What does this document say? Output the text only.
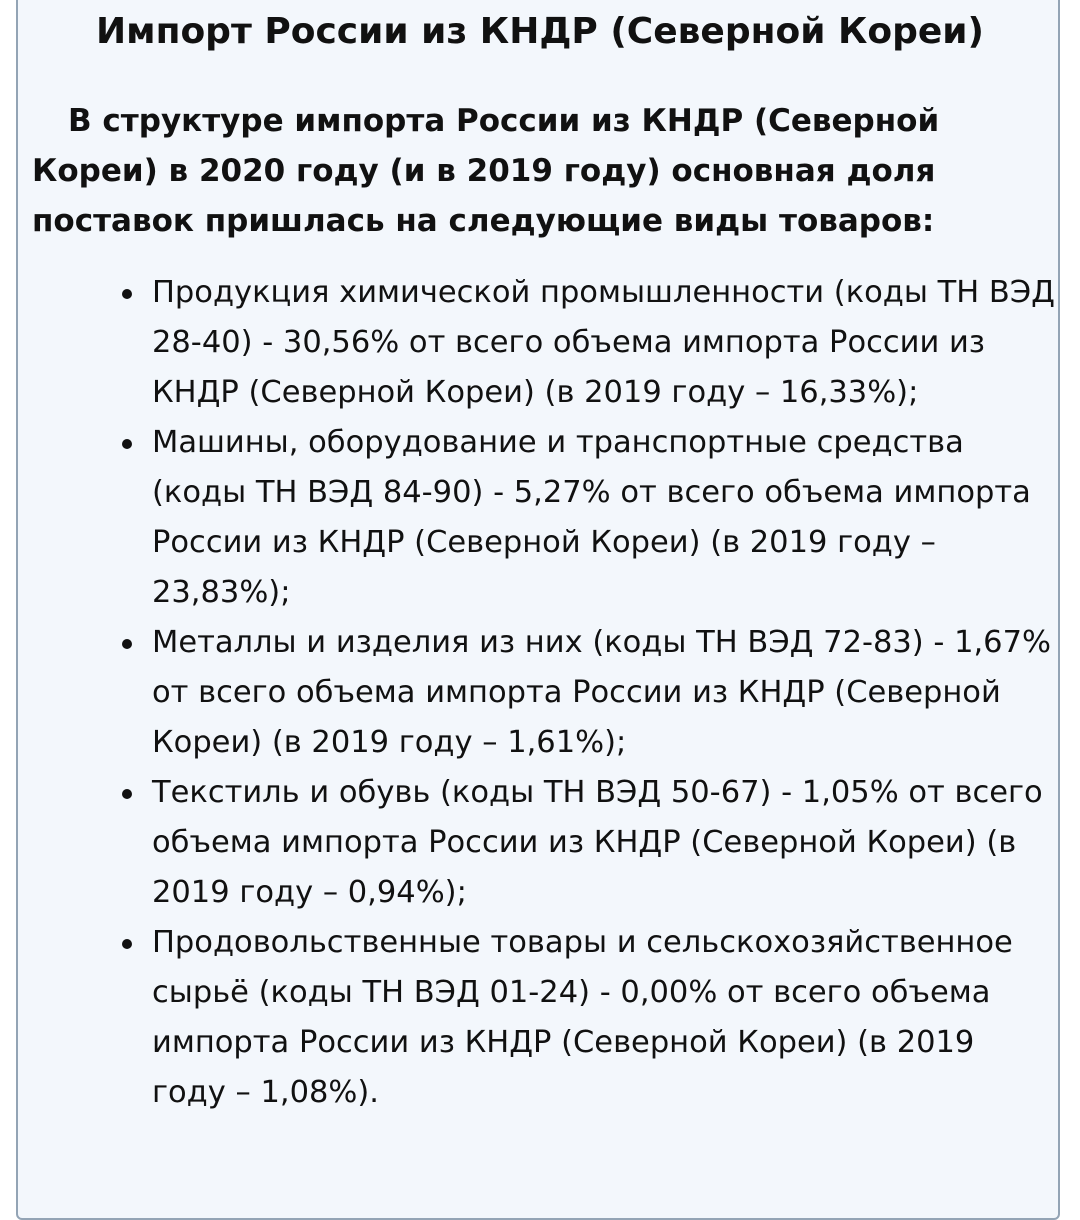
Импорт России из КНДР (Северной Кореи)

В структуре импорта России из КНДР (Северной Кореи) в 2020 году (и в 2019 году) основная доля поставок пришлась на следующие виды товаров:

Продукция химической промышленности (коды ТН ВЭД 28-40) - 30,56% от всего объема импорта России из КНДР (Северной Кореи) (в 2019 году – 16,33%);
Машины, оборудование и транспортные средства (коды ТН ВЭД 84-90) - 5,27% от всего объема импорта России из КНДР (Северной Кореи) (в 2019 году – 23,83%);
Металлы и изделия из них (коды ТН ВЭД 72-83) - 1,67% от всего объема импорта России из КНДР (Северной Кореи) (в 2019 году – 1,61%);
Текстиль и обувь (коды ТН ВЭД 50-67) - 1,05% от всего объема импорта России из КНДР (Северной Кореи) (в 2019 году – 0,94%);
Продовольственные товары и сельскохозяйственное сырьё (коды ТН ВЭД 01-24) - 0,00% от всего объема импорта России из КНДР (Северной Кореи) (в 2019 году – 1,08%).
